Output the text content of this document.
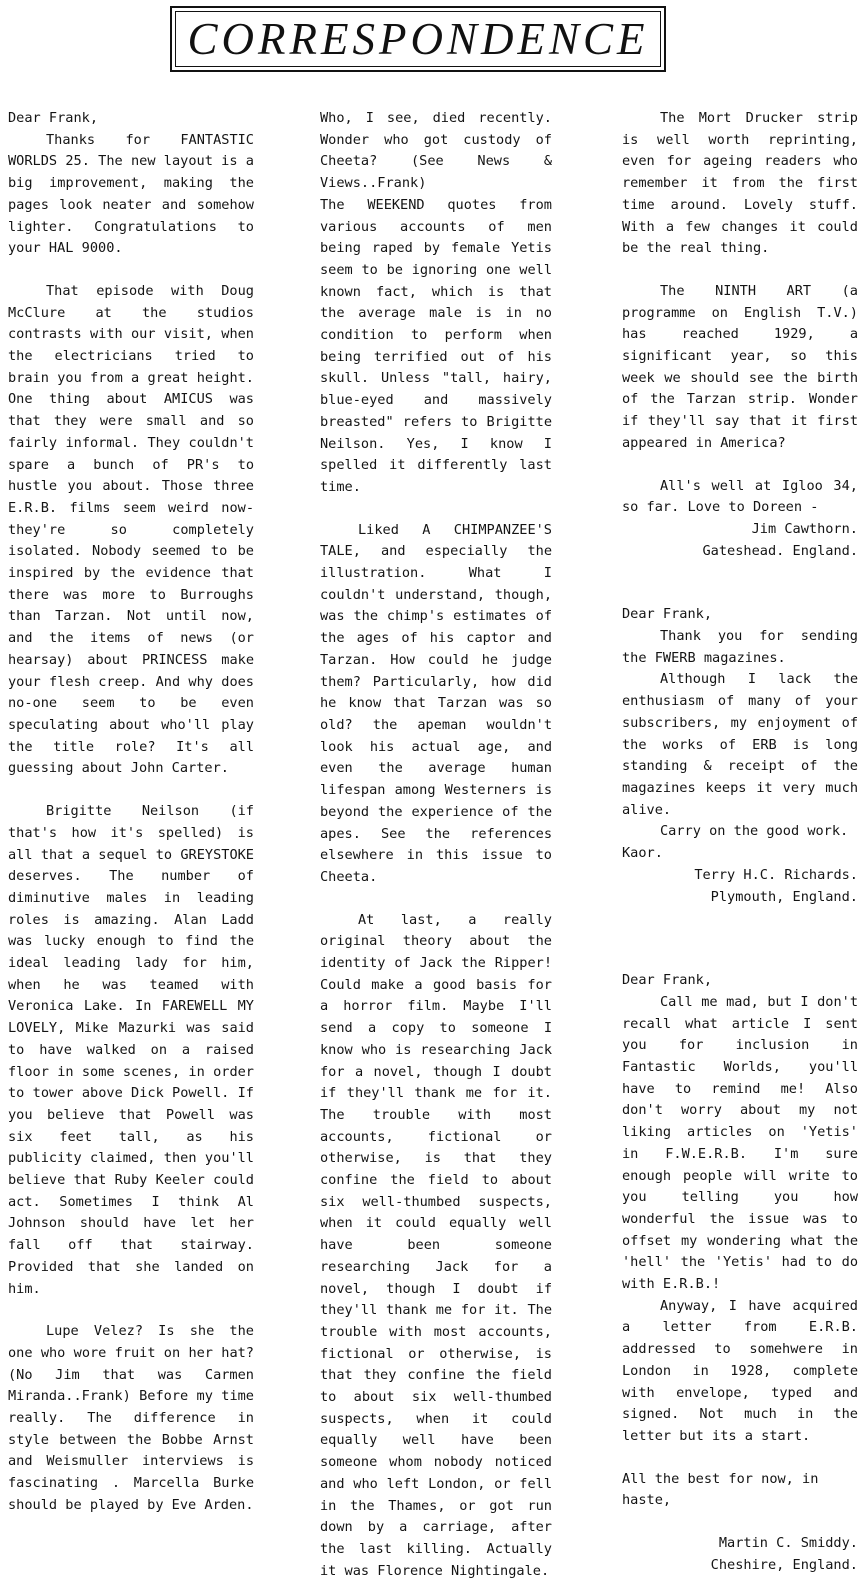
CORRESPONDENCE

Dear Frank,

Thanks for FANTASTIC WORLDS 25. The new layout is a big improvement, making the pages look neater and somehow lighter. Congratulations to your HAL 9000.

That episode with Doug McClure at the studios contrasts with our visit, when the electricians tried to brain you from a great height. One thing about AMICUS was that they were small and so fairly informal. They couldn't spare a bunch of PR's to hustle you about. Those three E.R.B. films seem weird now-they're so completely isolated. Nobody seemed to be inspired by the evidence that there was more to Burroughs than Tarzan. Not until now, and the items of news (or hearsay) about PRINCESS make your flesh creep. And why does no-one seem to be even speculating about who'll play the title role? It's all guessing about John Carter.

Brigitte Neilson (if that's how it's spelled) is all that a sequel to GREYSTOKE deserves. The number of diminutive males in leading roles is amazing. Alan Ladd was lucky enough to find the ideal leading lady for him, when he was teamed with Veronica Lake. In FAREWELL MY LOVELY, Mike Mazurki was said to have walked on a raised floor in some scenes, in order to tower above Dick Powell. If you believe that Powell was six feet tall, as his publicity claimed, then you'll believe that Ruby Keeler could act. Sometimes I think Al Johnson should have let her fall off that stairway. Provided that she landed on him.

Lupe Velez? Is she the one who wore fruit on her hat? (No Jim that was Carmen Miranda..Frank) Before my time really. The difference in style between the Bobbe Arnst and Weismuller interviews is fascinating . Marcella Burke should be played by Eve Arden.

Who, I see, died recently. Wonder who got custody of Cheeta? (See News & Views..Frank)

The WEEKEND quotes from various accounts of men being raped by female Yetis seem to be ignoring one well known fact, which is that the average male is in no condition to perform when being terrified out of his skull. Unless "tall, hairy, blue-eyed and massively breasted" refers to Brigitte Neilson. Yes, I know I spelled it differently last time.

Liked A CHIMPANZEE'S TALE, and especially the illustration. What I couldn't understand, though, was the chimp's estimates of the ages of his captor and Tarzan. How could he judge them? Particularly, how did he know that Tarzan was so old? the apeman wouldn't look his actual age, and even the average human lifespan among Westerners is beyond the experience of the apes. See the references elsewhere in this issue to Cheeta.

At last, a really original theory about the identity of Jack the Ripper! Could make a good basis for a horror film. Maybe I'll send a copy to someone I know who is researching Jack for a novel, though I doubt if they'll thank me for it. The trouble with most accounts, fictional or otherwise, is that they confine the field to about six well-thumbed suspects, when it could equally well have been someone researching Jack for a novel, though I doubt if they'll thank me for it. The trouble with most accounts, fictional or otherwise, is that they confine the field to about six well-thumbed suspects, when it could equally well have been someone whom nobody noticed and who left London, or fell in the Thames, or got run down by a carriage, after the last killing. Actually it was Florence Nightingale.

The Mort Drucker strip is well worth reprinting, even for ageing readers who remember it from the first time around. Lovely stuff. With a few changes it could be the real thing.

The NINTH ART (a programme on English T.V.) has reached 1929, a significant year, so this week we should see the birth of the Tarzan strip. Wonder if they'll say that it first appeared in America?

All's well at Igloo 34, so far. Love to Doreen -

Jim Cawthorn.

Gateshead. England.

Dear Frank,

Thank you for sending the FWERB magazines.

Although I lack the enthusiasm of many of your subscribers, my enjoyment of the works of ERB is long standing & receipt of the magazines keeps it very much alive.

Carry on the good work.

Kaor.

Terry H.C. Richards.

Plymouth, England.

Dear Frank,

Call me mad, but I don't recall what article I sent you for inclusion in Fantastic Worlds, you'll have to remind me! Also don't worry about my not liking articles on 'Yetis' in F.W.E.R.B. I'm sure enough people will write to you telling you how wonderful the issue was to offset my wondering what the 'hell' the 'Yetis' had to do with E.R.B.!

Anyway, I have acquired a letter from E.R.B. addressed to somehwere in London in 1928, complete with envelope, typed and signed. Not much in the letter but its a start.

All the best for now, in haste,

Martin C. Smiddy.

Cheshire, England.
